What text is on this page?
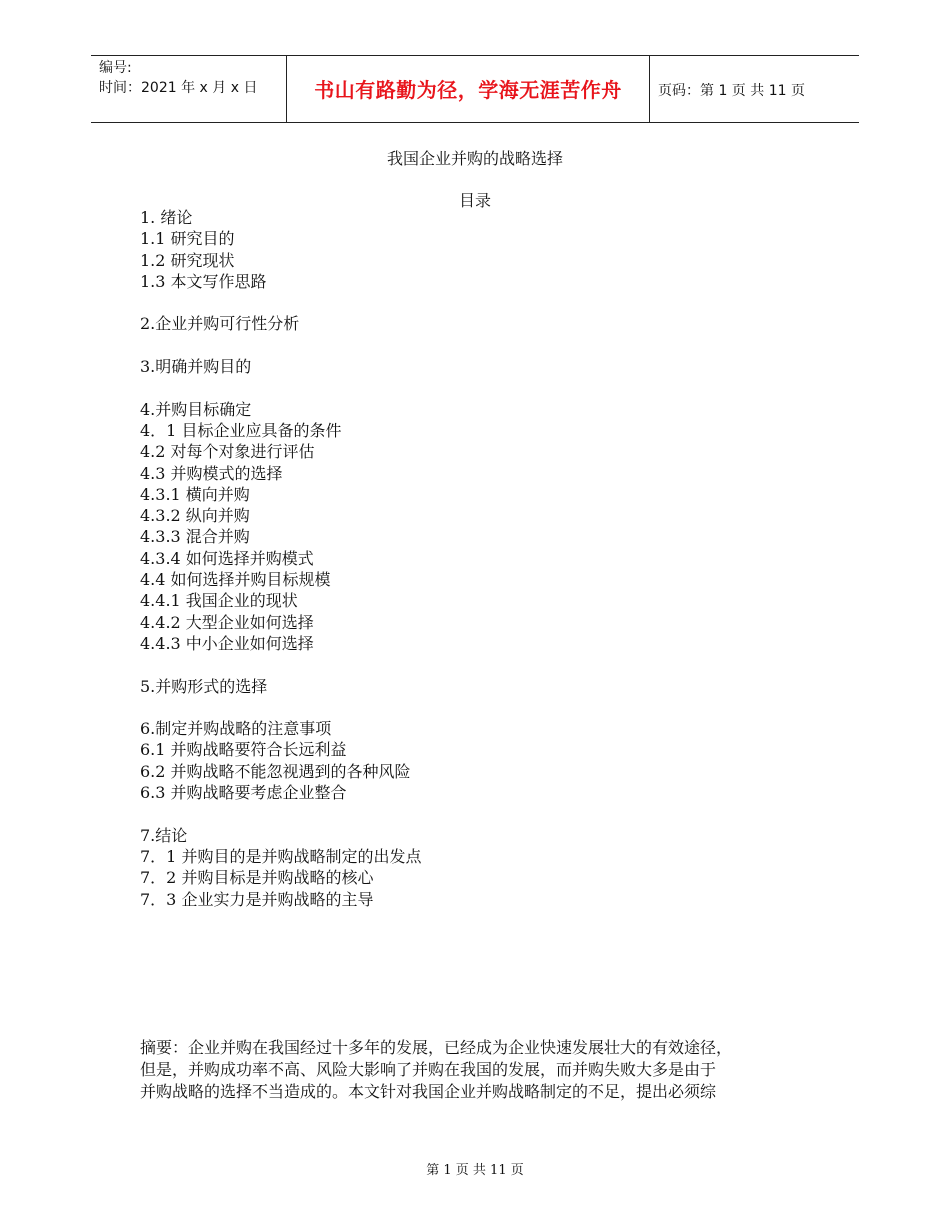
编号:
时间：2021 年 x 月 x 日	书山有路勤为径，学海无涯苦作舟	页码：第 1 页 共 11 页
我国企业并购的战略选择
目录
1. 绪论
1.1 研究目的
1.2 研究现状
1.3 本文写作思路
2.企业并购可行性分析
3.明确并购目的
4.并购目标确定
4．1 目标企业应具备的条件
4.2 对每个对象进行评估
4.3 并购模式的选择
4.3.1 横向并购
4.3.2 纵向并购
4.3.3 混合并购
4.3.4 如何选择并购模式
4.4 如何选择并购目标规模
4.4.1 我国企业的现状
4.4.2 大型企业如何选择
4.4.3 中小企业如何选择
5.并购形式的选择
6.制定并购战略的注意事项
6.1 并购战略要符合长远利益
6.2 并购战略不能忽视遇到的各种风险
6.3 并购战略要考虑企业整合
7.结论
7．1 并购目的是并购战略制定的出发点
7．2 并购目标是并购战略的核心
7．3 企业实力是并购战略的主导
摘要：企业并购在我国经过十多年的发展，已经成为企业快速发展壮大的有效途径，
但是，并购成功率不高、风险大影响了并购在我国的发展，而并购失败大多是由于
并购战略的选择不当造成的。本文针对我国企业并购战略制定的不足，提出必须综
第 1 页 共 11 页
